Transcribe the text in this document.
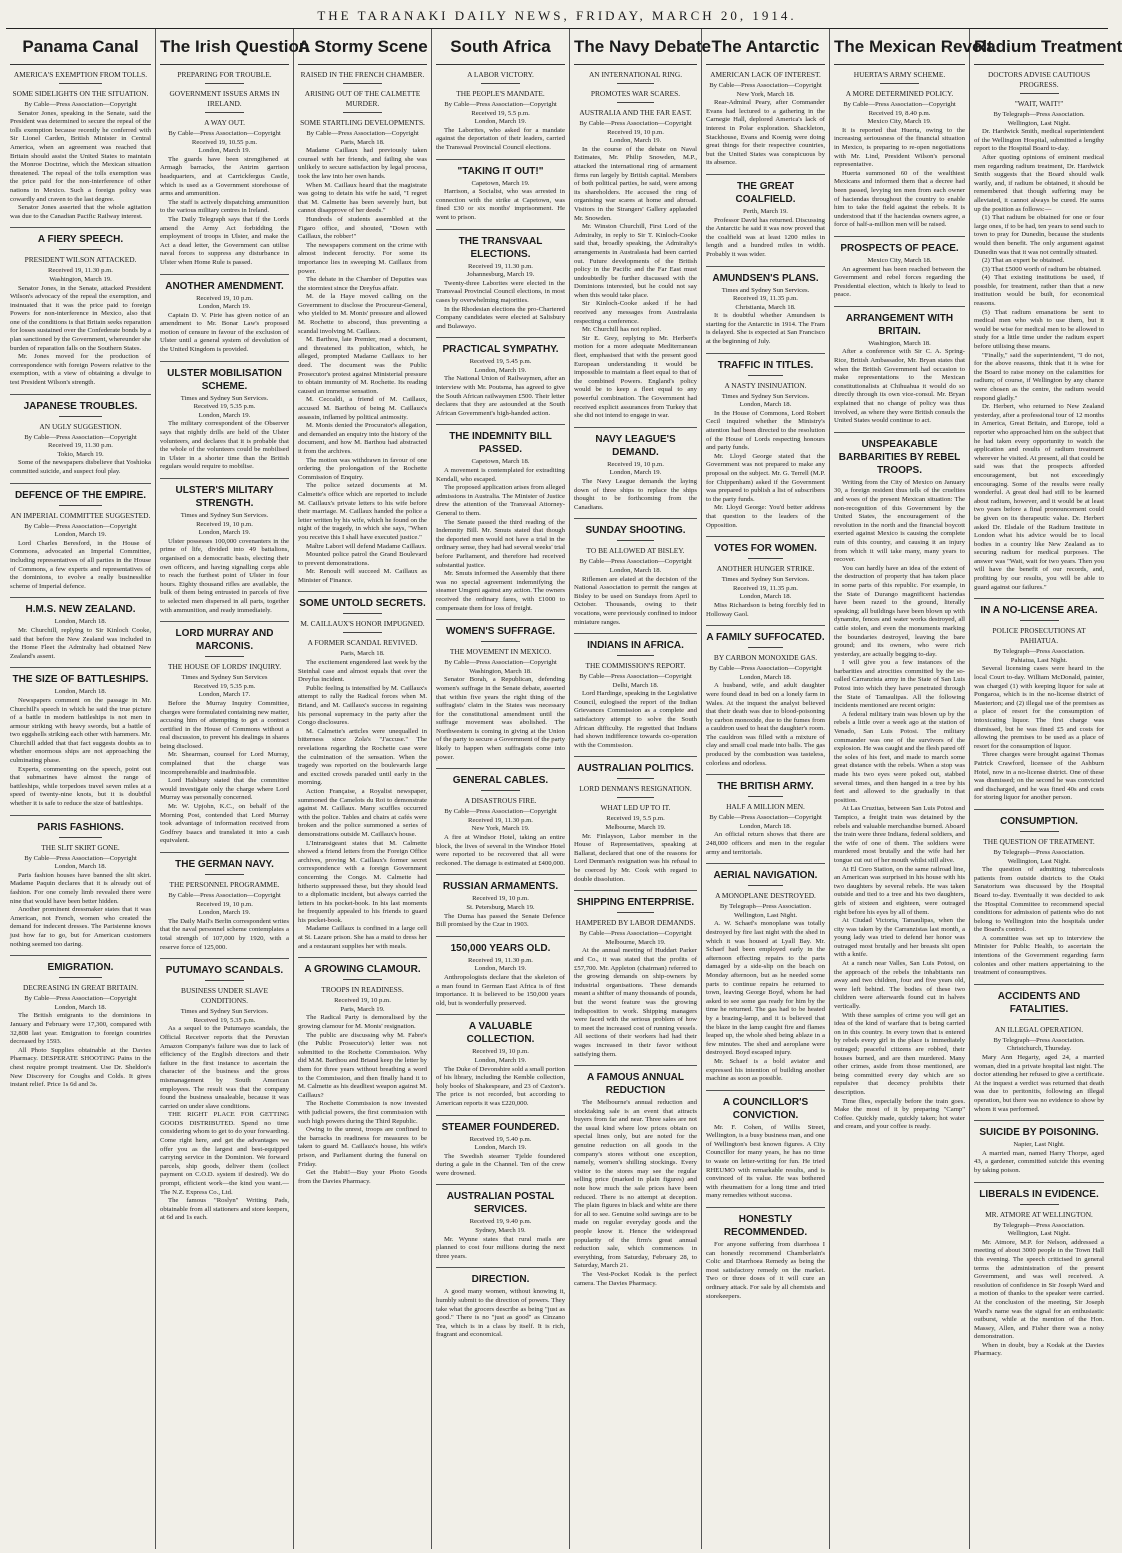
THE TARANAKI DAILY NEWS, FRIDAY, MARCH 20, 1914.
Panama Canal
AMERICA'S EXEMPTION FROM TOLLS.
SOME SIDELIGHTS ON THE SITUATION.
By Cable—Press Association—Copyright

Senator Jones, speaking in the Senate, said the President was determined to secure the repeal of the tolls exemption because recently he conferred with Sir Lionel Carden, British Minister in Central America, when an agreement was reached that Britain should assist the United States to maintain the Monroe Doctrine, which the Mexican situation threatened. The repeal of the tolls exemption was the price paid for the non-interference of other nations in Mexico. Such a foreign policy was cowardly and craven to the last degree.

Senator Jones asserted that the whole agitation was due to the Canadian Pacific Railway interest.

A FIERY SPEECH.
PRESIDENT WILSON ATTACKED.
Received 19, 11.30 p.m.
Washington, March 19.

Senator Jones, in the Senate, attacked President Wilson's advocacy of the repeal the exemption, and insinuated that it was the price paid to foreign Powers for non-interference in Mexico, also that one of the conditions is that Britain seeks reparation for losses sustained over the Confederate bonds by a plan sanctioned by the Government, whereunder she burden of reparation falls on the Southern States.

Mr. Jones moved for the production of correspondence with foreign Powers relative to the exemption, with a view of obtaining a divulge to test President Wilson's strength.

JAPANESE TROUBLES.
AN UGLY SUGGESTION.
By Cable—Press Association—Copyright
Received 19, 11.30 p.m.
Tokio, March 19.

Some of the newspapers disbelieve that Yoshioka committed suicide, and suspect foul play.

DEFENCE OF THE EMPIRE.
AN IMPERIAL COMMITTEE SUGGESTED.
By Cable—Press Association—Copyright
London, March 19.

Lord Charles Beresford, in the House of Commons, advocated an Imperial Committee, including representatives of all parties in the House of Commons, a few experts and representatives of the dominions, to evolve a really businesslike scheme of Imperial defence.

H.M.S. NEW ZEALAND.
London, March 18.

Mr. Churchill, replying to Sir Kinloch Cooke, said that before the New Zealand was included in the Home Fleet the Admiralty had obtained New Zealand's assent.

THE SIZE OF BATTLESHIPS.
London, March 18.

Newspapers comment on the passage in Mr. Churchill's speech in which he said the true picture of a battle in modern battleships is not men in armour striking with heavy swords, but a battle of two eggshells striking each other with hammers. Mr. Churchill added that that fact suggests doubts as to whether enormous ships are not approaching the culminating phase.

Experts, commenting on the speech, point out that submarines have almost the range of battleships, while torpedoes travel seven miles at a speed of twenty-nine knots, but it is doubtful whether it is safe to reduce the size of battleships.

PARIS FASHIONS.
THE SLIT SKIRT GONE.
By Cable—Press Association—Copyright
London, March 18.

Paris fashion houses have banned the slit skirt. Madame Paquin declares that it is already out of fashion. For one comely limb revealed there were nine that would have been better hidden.

Another prominent dressmaker states that it was American, not French, women who created the demand for indecent dresses. The Parisienne knows just how far to go, but for American customers nothing seemed too daring.

EMIGRATION.
DECREASING IN GREAT BRITAIN.
By Cable—Press Association—Copyright
London, March 18.

The British emigrants to the dominions in January and February were 17,300, compared with 32,808 last year. Emigration to foreign countries decreased by 1593.

All Photo Supplies obtainable at the Davies Pharmacy. DESPERATE SHOOTING Pains in the chest require prompt treatment. Use Dr. Sheldon's New Discovery for Coughs and Colds. It gives instant relief. Price 1s 6d and 3s.

The Irish Question
PREPARING FOR TROUBLE.
GOVERNMENT ISSUES ARMS IN IRELAND.
A WAY OUT.
By Cable—Press Association—Copyright
Received 19, 10.55 p.m.
London, March 19.

The guards have been strengthened at Armagh barracks, the Antrim garrison headquarters, and at Carrickfergus Castle, which is used as a Government storehouse of arms and ammunition.

The staff is actively dispatching ammunition to the various military centres in Ireland.

The Daily Telegraph says that if the Lords amend the Army Act forbidding the employment of troops in Ulster, and make the Act a dead letter, the Government can utilise naval forces to suppress any disturbance in Ulster when Home Rule is passed.

ANOTHER AMENDMENT.
Received 19, 10 p.m.
London, March 19.

Captain D. V. Pirie has given notice of an amendment to Mr. Bonar Law's proposed motion of censure in favour of the exclusion of Ulster until a general system of devolution of the United Kingdom is provided.

ULSTER MOBILISATION SCHEME.
Times and Sydney Sun Services.
Received 19, 5.35 p.m.
London, March 19.

The military correspondent of the Observer says that nightly drills are held of the Ulster volunteers, and declares that it is probable that the whole of the volunteers could be mobilised in Ulster in a shorter time than the British regulars would require to mobilise.

ULSTER'S MILITARY STRENGTH.
Times and Sydney Sun Services.
Received 19, 10 p.m.
London, March 19.

Ulster possesses 100,000 covenanters in the prime of life, divided into 49 battalions, organised on a democratic basis, electing their own officers, and having signalling corps able to reach the furthest point of Ulster in four hours. Eighty thousand rifles are available, the bulk of them being entrusted in parcels of five to selected men dispersed in all parts, together with ammunition, and ready immediately.

LORD MURRAY AND MARCONIS.
THE HOUSE OF LORDS' INQUIRY.
Times and Sydney Sun Services
Received 19, 5.35 p.m.
London, March 17.

Before the Murray Inquiry Committee, charges were formulated containing new matter, accusing him of attempting to get a contract certified in the House of Commons without a real discussion, to prevent his dealings in shares being disclosed.

Mr. Shearman, counsel for Lord Murray, complained that the charge was incomprehensible and inadmissible.

Lord Halsbury stated that the committee would investigate only the charge where Lord Murray was personally concerned.

Mr. W. Upjohn, K.C., on behalf of the Morning Post, contended that Lord Murray took advantage of information received from Godfrey Isaacs and translated it into a cash equivalent.

THE GERMAN NAVY.
THE PERSONNEL PROGRAMME.
By Cable—Press Association—Copyright
Received 19, 10 p.m.
London, March 19.

The Daily Mail's Berlin correspondent writes that the naval personnel scheme contemplates a total strength of 107,000 by 1920, with a reserve force of 125,000.

PUTUMAYO SCANDALS.
BUSINESS UNDER SLAVE CONDITIONS.
Times and Sydney Sun Services.
Received 19, 5.35 p.m.

As a sequel to the Putumayo scandals, the Official Receiver reports that the Peruvian Amazon Company's failure was due to lack of efficiency of the English directors and their failure in the first instance to ascertain the character of the business and the gross mismanagement by South American employees. The result was that the company found the business unsaleable, because it was carried on under slave conditions.

THE RIGHT PLACE FOR GETTING GOODS DISTRIBUTED. Spend no time considering whom to get to do your forwarding. Come right here, and get the advantages we offer you as the largest and best-equipped carrying service in the Dominion. We forward parcels, ship goods, deliver them (collect payment on C.O.D. system if desired). We do prompt, efficient work—the kind you want.—The N.Z. Express Co., Ltd.

The famous "Roslyn" Writing Pads, obtainable from all stationers and store keepers, at 6d and 1s each.

A Stormy Scene
RAISED IN THE FRENCH CHAMBER.
ARISING OUT OF THE CALMETTE MURDER.
SOME STARTLING DEVELOPMENTS.
By Cable—Press Association—Copyright
Paris, March 18.

Madame Caillaux had previously taken counsel with her friends, and failing she was unlikely to secure satisfaction by legal process, took the law into her own hands.

When M. Caillaux heard that the magistrate was going to detain his wife he said, "I regret that M. Calmette has been severely hurt, but cannot disapprove of her deeds."

Hundreds of students assembled at the Figaro office, and shouted, "Down with Caillaux, the robber!"

The newspapers comment on the crime with almost indecent ferocity. For some its importance lies in sweeping M. Caillaux from power.

The debate in the Chamber of Deputies was the stormiest since the Dreyfus affair.

M. de la Haye moved calling on the Government to disclose the Procureur-General, who yielded to M. Monis' pressure and allowed M. Rochette to abscond, thus preventing a scandal involving M. Caillaux.

M. Barthou, late Premier, read a document, and threatened its publication, which, he alleged, prompted Madame Caillaux to her deed. The document was the Public Prosecutor's protest against Ministerial pressure to obtain immunity of M. Rochette. Its reading caused an immense sensation.

M. Ceccaldi, a friend of M. Caillaux, accused M. Barthou of being M. Caillaux's assassin, inflamed by political animosity.

M. Monis denied the Procurator's allegation, and demanded an enquiry into the history of the document, and how M. Barthou had abstracted it from the archives.

The motion was withdrawn in favour of one ordering the prolongation of the Rochette Commission of Enquiry.

The police seized documents at M. Calmette's office which are reported to include M. Caillaux's private letters to his wife before their marriage. M. Caillaux handed the police a letter written by his wife, which he found on the night of the tragedy, in which she says, "When you receive this I shall have executed justice."

Maître Labori will defend Madame Caillaux.

Mounted police patrol the Grand Boulevard to prevent demonstrations.

Mr. Renoult will succeed M. Caillaux as Minister of Finance.

SOME UNTOLD SECRETS.
M. CAILLAUX'S HONOR IMPUGNED.
A FORMER SCANDAL REVIVED.
Paris, March 18.

The excitement engendered last week by the Steinhal case and almost equals that over the Dreyfus incident.

Public feeling is intensified by M. Caillaux's attempt to rally the Radical forces when M. Briand, and M. Caillaux's success in regaining his personal supremacy in the party after the Congo disclosures.

M. Calmette's articles were unequalled in bitterness since Zola's "J'accuse." The revelations regarding the Rochette case were the culmination of the sensation. When the tragedy was reported on the boulevards large and excited crowds paraded until early in the morning.

Action Française, a Royalist newspaper, summoned the Camelots du Roi to demonstrate against M. Caillaux. Many scuffles occurred with the police. Tables and chairs at cafés were broken and the police summoned a series of demonstrations outside M. Caillaux's house.

L'Intransigeant states that M. Calmette showed a friend letters from the Foreign Office archives, proving M. Caillaux's former secret correspondence with a foreign Government concerning the Congo. M. Calmette had hitherto suppressed these, but they should lead to a diplomatic incident, but always carried the letters in his pocket-book. In his last moments he frequently appealed to his friends to guard his pocket-book.

Madame Caillaux is confined in a large cell at St. Lazare prison. She has a maid to dress her and a restaurant supplies her with meals.

A GROWING CLAMOUR.
TROOPS IN READINESS.
Received 19, 10 p.m.
Paris, March 19.

The Radical Party is demoralised by the growing clamour for M. Monis' resignation.

The public are discussing why M. Fabre's (the Public Prosecutor's) letter was not submitted to the Rochette Commission. Why did M.M. Barthou and Briand keep the letter by them for three years without breathing a word to the Commission, and then finally hand it to M. Calmette as his deadliest weapon against M. Caillaux?

The Rochette Commission is now invested with judicial powers, the first commission with such high powers during the Third Republic.

Owing to the unrest, troops are confined to the barracks in readiness for measures to be taken to guard M. Caillaux's house, his wife's prison, and Parliament during the funeral on Friday.

Get the Habit!—Buy your Photo Goods from the Davies Pharmacy.

South Africa
A LABOR VICTORY.
THE PEOPLE'S MANDATE.
By Cable—Press Association—Copyright
Received 19, 5.5 p.m.
London, March 19.

The Laborites, who asked for a mandate against the deportation of their leaders, carried the Transvaal Provincial Council elections.

"TAKING IT OUT!"
Capetown, March 19.

Harrison, a Socialist, who was arrested in connection with the strike at Capetown, was fined £30 or six months' imprisonment. He went to prison.

THE TRANSVAAL ELECTIONS.
Received 19, 11.30 p.m.
Johannesburg, March 19.

Twenty-three Laborites were elected in the Transvaal Provincial Council elections, in most cases by overwhelming majorities.

In the Rhodesian elections the pro-Chartered Company candidates were elected at Salisbury and Bulawayo.

PRACTICAL SYMPATHY.
Received 19, 5.45 p.m.
London, March 19.

The National Union of Railwaymen, after an interview with Mr. Poutsma, has agreed to give the South African railwaymen £500. Their letter declares that they are astounded at the South African Government's high-handed action.

THE INDEMNITY BILL PASSED.
Capetown, March 18.

A movement is contemplated for extraditing Kendall, who escaped.

The proposed application arises from alleged admissions in Australia. The Minister of Justice drew the attention of the Transvaal Attorney-General to them.

The Senate passed the third reading of the Indemnity Bill. Mr. Smuts stated that though the deported men would not have a trial in the ordinary sense, they had had several weeks' trial before Parliament, and therefore had received substantial justice.

Mr. Smuts informed the Assembly that there was no special agreement indemnifying the steamer Umgeni against any action. The owners received the ordinary fares, with £1000 to compensate them for loss of freight.

WOMEN'S SUFFRAGE.
THE MOVEMENT IN MEXICO.
By Cable—Press Association—Copyright
Washington, March 18.

Senator Borah, a Republican, defending women's suffrage in the Senate debate, asserted that within five years the right thing of the suffragists' claim in the States was necessary for the constitutional amendment until the suffrage movement was abolished. The Northwestern is coming in giving at the Union of the party to secure a Government of the party likely to happen when suffragists come into power.

GENERAL CABLES.
A DISASTROUS FIRE.
By Cable—Press Association—Copyright
Received 19, 11.30 p.m.
New York, March 19.

A fire at Windsor Hotel, taking an entire block, the lives of several in the Windsor Hotel were reported to be recovered that all were reckoned. The damage is estimated at £400,000.

RUSSIAN ARMAMENTS.
Received 19, 10 p.m.
St. Petersburg, March 19.

The Duma has passed the Senate Defence Bill promised by the Czar in 1903.

150,000 YEARS OLD.
Received 19, 11.30 p.m.
London, March 19.

Anthropologists declare that the skeleton of a man found in German East Africa is of first importance. It is believed to be 150,000 years old, but is wonderfully preserved.

A VALUABLE COLLECTION.
Received 19, 10 p.m.
London, March 19.

The Duke of Devonshire sold a small portion of his library, including the Kemble collection, holy books of Shakespeare, and 23 of Caxton's. The price is not recorded, but according to American reports it was £220,000.

STEAMER FOUNDERED.
Received 19, 5.40 p.m.
London, March 19.

The Swedish steamer Tjelde foundered during a gale in the Channel. Ten of the crew were drowned.

AUSTRALIAN POSTAL SERVICES.
Received 19, 9.40 p.m.
Sydney, March 19.

Mr. Wynne states that rural mails are planned to cost four millions during the next three years.

DIRECTION.

A good many women, without knowing it, humbly submit to the direction of powers. They take what the grocers describe as being "just as good." There is no "just as good" as Cinzano Tea, which is in a class by itself. It is rich, fragrant and economical.

The Navy Debate
AN INTERNATIONAL RING.
PROMOTES WAR SCARES.
AUSTRALIA AND THE FAR EAST.
By Cable—Press Association—Copyright
Received 19, 10 p.m.
London, March 19.

In the course of the debate on Naval Estimates, Mr. Philip Snowden, M.P., attacked the international ring of armament firms run largely by British capital. Members of both political parties, he said, were among its shareholders. He accused the ring of organising war scares at home and abroad. Visitors in the Strangers' Gallery applauded Mr. Snowden.

Mr. Winston Churchill, First Lord of the Admiralty, in reply to Sir T. Kinloch-Cooke said that, broadly speaking, the Admiralty's arrangements in Australasia had been carried out. Future developments of the British policy in the Pacific and the Far East must undoubtedly be further discussed with the Dominions interested, but he could not say when this would take place.

Sir Kinloch-Cooke asked if he had received any messages from Australasia respecting a conference.

Mr. Churchill has not replied.

Sir E. Grey, replying to Mr. Herbert's motion for a more adequate Mediterranean fleet, emphasised that with the present good European understanding it would be impossible to maintain a fleet equal to that of the combined Powers. England's policy would be to keep a fleet equal to any powerful combination. The Government had received explicit assurances from Turkey that she did not intend to engage in war.

NAVY LEAGUE'S DEMAND.
Received 19, 10 p.m.
London, March 19.

The Navy League demands the laying down of three ships to replace the ships thought to be forthcoming from the Canadians.

SUNDAY SHOOTING.
TO BE ALLOWED AT BISLEY.
By Cable—Press Association—Copyright
London, March 18.

Riflemen are elated at the decision of the National Association to permit the ranges at Bisley to be used on Sundays from April to October. Thousands, owing to their vocations, were previously confined to indoor miniature ranges.

INDIANS IN AFRICA.
THE COMMISSION'S REPORT.
By Cable—Press Association—Copyright
Delhi, March 18.

Lord Hardinge, speaking in the Legislative Council, eulogised the report of the Indian Grievances Commission as a complete and satisfactory attempt to solve the South African difficulty. He regretted that Indians had shown indifference towards co-operation with the Commission.

AUSTRALIAN POLITICS.
LORD DENMAN'S RESIGNATION.
WHAT LED UP TO IT.
Received 19, 5.5 p.m.
Melbourne, March 19.

Mr. Finlayson, Labor member in the House of Representatives, speaking at Ballarat, declared that one of the reasons for Lord Denman's resignation was his refusal to be coerced by Mr. Cook with regard to double dissolution.

SHIPPING ENTERPRISE.
HAMPERED BY LABOR DEMANDS.
By Cable—Press Association—Copyright
Melbourne, March 19.

At the annual meeting of Huddart Parker and Co., it was stated that the profits of £57,700. Mr. Appleton (chairman) referred to the growing demands on ship-owners by industrial organisations. These demands meant a shifter of many thousands of pounds, but the worst feature was the growing indisposition to work. Shipping managers were faced with the serious problem of how to meet the increased cost of running vessels. All sections of their workers had had their wages increased in their favor without satisfying them.

A FAMOUS ANNUAL REDUCTION

The Melbourne's annual reduction and stocktaking sale is an event that attracts buyers from far and near. Three sales are not the usual kind where low prices obtain on special lines only, but are noted for the genuine reduction on all goods in the company's stores without one exception, namely, women's shilling stockings. Every visitor to the stores may see the regular selling price (marked in plain figures) and note how much the sale prices have been reduced. There is no attempt at deception. The plain figures in black and white are there for all to see. Genuine solid savings are to be made on regular everyday goods and the people know it. Hence the widespread popularity of the firm's great annual reduction sale, which commences in everything, from Saturday, February 28, to Saturday, March 21.

The Vest-Pocket Kodak is the perfect camera. The Davies Pharmacy.

The Antarctic
AMERICAN LACK OF INTEREST.
By Cable—Press Association—Copyright
New York, March 18.

Rear-Admiral Peary, after Commander Evans had lectured to a gathering in the Carnegie Hall, deplored America's lack of interest in Polar exploration. Shackleton, Stackhouse, Evans and Koenig were doing great things for their respective countries, but the United States was conspicuous by its absence.

THE GREAT COALFIELD.
Perth, March 19.

Professor David has returned. Discussing the Antarctic he said it was now proved that the coalfield was at least 1200 miles in length and a hundred miles in width. Probably it was wider.

AMUNDSEN'S PLANS.
Times and Sydney Sun Services.
Received 19, 11.35 p.m.
Christiania, March 18.

It is doubtful whether Amundsen is starting for the Antarctic in 1914. The Fram is delayed. She is expected at San Francisco at the beginning of July.

TRAFFIC IN TITLES.
A NASTY INSINUATION.
Times and Sydney Sun Services.
London, March 18.

In the House of Commons, Lord Robert Cecil inquired whether the Ministry's attention had been directed to the resolution of the House of Lords respecting honours and party funds.

Mr. Lloyd George stated that the Government was not prepared to make any proposal on the subject. Mr. G. Terrell (M.P. for Chippenham) asked if the Government was prepared to publish a list of subscribers to the party funds.

Mr. Lloyd George: You'd better address that question to the leaders of the Opposition.

VOTES FOR WOMEN.
ANOTHER HUNGER STRIKE.
Times and Sydney Sun Services.
Received 19, 11.35 p.m.
London, March 18.

Miss Richardson is being forcibly fed in Holloway Gaol.

A FAMILY SUFFOCATED.
BY CARBON MONOXIDE GAS.
By Cable—Press Association—Copyright
London, March 18.

A husband, wife, and adult daughter were found dead in bed on a lonely farm in Wales. At the inquest the analyst believed that their death was due to blood-poisoning by carbon monoxide, due to the fumes from a cauldron used to heat the daughter's room. The cauldron was filled with a mixture of clay and small coal made into balls. The gas produced by the combustion was tasteless, colorless and odorless.

THE BRITISH ARMY.
HALF A MILLION MEN.
By Cable—Press Association—Copyright
London, March 18.

An official return shows that there are 248,000 officers and men in the regular army and territorials.

AERIAL NAVIGATION.
A MONOPLANE DESTROYED.
By Telegraph—Press Association.
Wellington, Last Night.

A. W. Schaef's monoplane was totally destroyed by fire last night with the shed in which it was housed at Lyall Bay. Mr. Schaef had been employed early in the afternoon effecting repairs to the parts damaged by a side-slip on the beach on Monday afternoon, but as he needed some parts to continue repairs he returned to town, leaving George Boyd, whom he had asked to see some gas ready for him by the time he returned. The gas had to be heated by a brazing-lamp, and it is believed that the blaze in the lamp caught fire and flames leaped up, the whole shed being ablaze in a few minutes. The shed and aeroplane were destroyed. Boyd escaped injury.

Mr. Schaef is a bold aviator and expressed his intention of building another machine as soon as possible.

A COUNCILLOR'S CONVICTION.

Mr. F. Cohen, of Willis Street, Wellington, is a busy business man, and one of Wellington's best known figures. A City Councillor for many years, he has no time to waste on letter-writing for fun. He tried RHEUMO with remarkable results, and is convinced of its value. He was bothered with rheumatism for a long time and tried many remedies without success.

HONESTLY RECOMMENDED.

For anyone suffering from diarrhoea I can honestly recommend Chamberlain's Colic and Diarrhoea Remedy as being the most satisfactory remedy on the market. Two or three doses of it will cure an ordinary attack. For sale by all chemists and storekeepers.

The Mexican Revolt
HUERTA'S ARMY SCHEME.
A MORE DETERMINED POLICY.
By Cable—Press Association—Copyright
Received 19, 8.40 p.m.
Mexico City, March 19.

It is reported that Huerta, owing to the increasing seriousness of the financial situation in Mexico, is preparing to re-open negotiations with Mr. Lind, President Wilson's personal representative.

Huerta summoned 60 of the wealthiest Mexicans and informed them that a decree had been passed, levying ten men from each owner of haciendas throughout the country to enable him to take the field against the rebels. It is understood that if the haciendas owners agree, a force of half-a-million men will be raised.

PROSPECTS OF PEACE.
Mexico City, March 18.

An agreement has been reached between the Government and rebel forces regarding the Presidential election, which is likely to lead to peace.

ARRANGEMENT WITH BRITAIN.
Washington, March 18.

After a conference with Sir C. A. Spring-Rice, British Ambassador, Mr. Bryan states that when the British Government had occasion to make representations to the Mexican constitutionalists at Chihuahua it would do so directly through its own vice-consul. Mr. Bryan explained that no change of policy was thus involved, as where they were British consuls the United States would continue to act.

UNSPEAKABLE BARBARITIES BY REBEL TROOPS.

Writing from the City of Mexico on January 30, a foreign resident thus tells of the cruelties and woes of the present Mexican situation: The non-recognition of this Government by the United States, the encouragement of the revolution in the north and the financial boycott exerted against Mexico is causing the complete ruin of this country, and causing it an injury from which it will take many, many years to recover.

You can hardly have an idea of the extent of the destruction of property that has taken place in some parts of this republic. For example, in the State of Durango magnificent haciendas have been razed to the ground, literally speaking; all buildings have been blown up with dynamite, fences and water works destroyed, all cattle stolen, and even the monuments marking the boundaries destroyed, leaving the bare ground; and its owners, who were rich yesterday, are actually begging to-day.

I will give you a few instances of the barbarities and atrocities committed by the so-called Carranzista army in the State of San Luis Potosi into which they have penetrated through the State of Tamaulipas. All the following incidents mentioned are recent origin:

A federal military train was blown up by the rebels a little over a week ago at the station of Venado, San Luis Potosi. The military commander was one of the survivors of the explosion. He was caught and the flesh pared off the soles of his feet, and made to march some great distance with the rebels. When a stop was made his two eyes were poked out, stabbed several times, and then hanged in a tree by his feet and allowed to die gradually in that position.

At Las Cruzitas, between San Luis Potosi and Tampico, a freight train was detained by the rebels and valuable merchandise burned. Aboard the train were three Indians, federal soldiers, and the wife of one of them. The soldiers were murdered most brutally and the wife had her tongue cut out of her mouth whilst still alive.

At El Coro Station, on the same railroad line, an American was surprised in his house with his two daughters by several rebels. He was taken outside and tied to a tree and his two daughters, girls of sixteen and eighteen, were outraged right before his eyes by all of them.

At Ciudad Victoria, Tamaulipas, when the city was taken by the Carranzistas last month, a young lady was tried to defend her honor was outraged most brutally and her breasts slit open with a knife.

At a ranch near Valles, San Luis Potosi, on the approach of the rebels the inhabitants ran away and two children, four and five years old, were left behind. The bodies of these two children were afterwards found cut in halves vertically.

With these samples of crime you will get an idea of the kind of warfare that is being carried on in this country. In every town that is entered by rebels every girl in the place is immediately outraged; peaceful citizens are robbed, their houses burned, and are then murdered. Many other crimes, aside from those mentioned, are being committed every day which are so repulsive that decency prohibits their description.

Time flies, especially before the train goes. Make the most of it by preparing "Camp" Coffee. Quickly made, quickly taken; hot water and cream, and your coffee is ready.

Radium Treatment
DOCTORS ADVISE CAUTIOUS PROGRESS.
"WAIT, WAIT!"
By Telegraph—Press Association.
Wellington, Last Night.

Dr. Hardwick Smith, medical superintendent of the Wellington Hospital, submitted a lengthy report to the Hospital Board to-day.

After quoting opinions of eminent medical men regarding radium treatment, Dr. Hardwick Smith suggests that the Board should walk warily, and, if radium be obtained, it should be remembered that though suffering may be alleviated, it cannot always be cured. He sums up the position as follows:—

(1) That radium be obtained for one or four large ones, if to be had, ten years to send such to town to pray for Dunedin, because the students would then benefit. The only argument against Dunedin was that it was not centrally situated.

(2) That an expert be obtained.

(3) That £5000 worth of radium be obtained.

(4) That existing institutions be used, if possible, for treatment, rather than that a new institution would be built, for economical reasons.

(5) That radium emanations be sent to medical men who wish to use them, but it would be wise for medical men to be allowed to study for a little time under the radium expert before utilising these means.

"Finally," said the superintendent, "I do not, for the above reasons, think that it is wise for the Board to raise money on the calamities for radium; of course, if Wellington by any chance were chosen as the centre, the radium would respond gladly."

Dr. Herbert, who returned to New Zealand yesterday, after a professional tour of 12 months in America, Great Britain, and Europe, told a reporter who approached him on the subject that he had taken every opportunity to watch the application and results of radium treatment wherever he visited. At present, all that could be said was that the prospects afforded encouragement, but not exceedingly encouraging. Some of the results were really wonderful. A great deal had still to be learned about radium, however, and it would be at least two years before a final pronouncement could be given on its therapeutic value. Dr. Herbert asked Dr. Elsdale of the Radium Institute in London what his advice would be to local bodies in a country like New Zealand as to securing radium for medical purposes. The answer was "Wait, wait for two years. Then you will have the benefit of our records, and, profiting by our results, you will be able to guard against our failures."

IN A NO-LICENSE AREA.
POLICE PROSECUTIONS AT PAHIATUA.
By Telegraph—Press Association.
Pahiatua, Last Night.

Several licensing cases were heard in the local Court to-day. William McDonald, painter, was charged (1) with keeping liquor for sale at Pongaroa, which is in the no-license district of Masterton; and (2) illegal use of the premises as a place of resort for the consumption of intoxicating liquor. The first charge was dismissed, but he was fined £5 and costs for allowing the premises to be used as a place of resort for the consumption of liquor.

Three charges were brought against Thomas Patrick Crawford, licensee of the Ashburn Hotel, now in a no-license district. One of these was dismissed; on the second he was convicted and discharged, and he was fined 40s and costs for storing liquor for another person.

CONSUMPTION.
THE QUESTION OF TREATMENT.
By Telegraph—Press Association.
Wellington, Last Night.

The question of admitting tuberculosis patients from outside districts to the Otaki Sanatorium was discussed by the Hospital Board to-day. Eventually it was decided to ask the Hospital Committee to recommend special conditions for admission of patients who do not belong to Wellington into the hospitals under the Board's control.

A committee was set up to interview the Minister for Public Health, to ascertain the intentions of the Government regarding farm colonies and other matters appertaining to the treatment of consumptives.

ACCIDENTS AND FATALITIES.
AN ILLEGAL OPERATION.
By Telegraph—Press Association.
Christchurch, Thursday.

Mary Ann Hegarty, aged 24, a married woman, died in a private hospital last night. The doctor attending her refused to give a certificate. At the inquest a verdict was returned that death was due to peritonitis, following an illegal operation, but there was no evidence to show by whom it was performed.

SUICIDE BY POISONING.
Napier, Last Night.

A married man, named Harry Thorpe, aged 43, a gardener, committed suicide this evening by taking poison.

LIBERALS IN EVIDENCE.
MR. ATMORE AT WELLINGTON.
By Telegraph—Press Association.
Wellington, Last Night.

Mr. Atmore, M.P. for Nelson, addressed a meeting of about 3000 people in the Town Hall this evening. The speech criticised in general terms the administration of the present Government, and was well received. A resolution of confidence in Sir Joseph Ward and a motion of thanks to the speaker were carried. At the conclusion of the meeting, Sir Joseph Ward's name was the signal for an enthusiastic outburst, while at the mention of the Hon. Massey, Allen, and Fisher there was a noisy demonstration.

When in doubt, buy a Kodak at the Davies Pharmacy.
